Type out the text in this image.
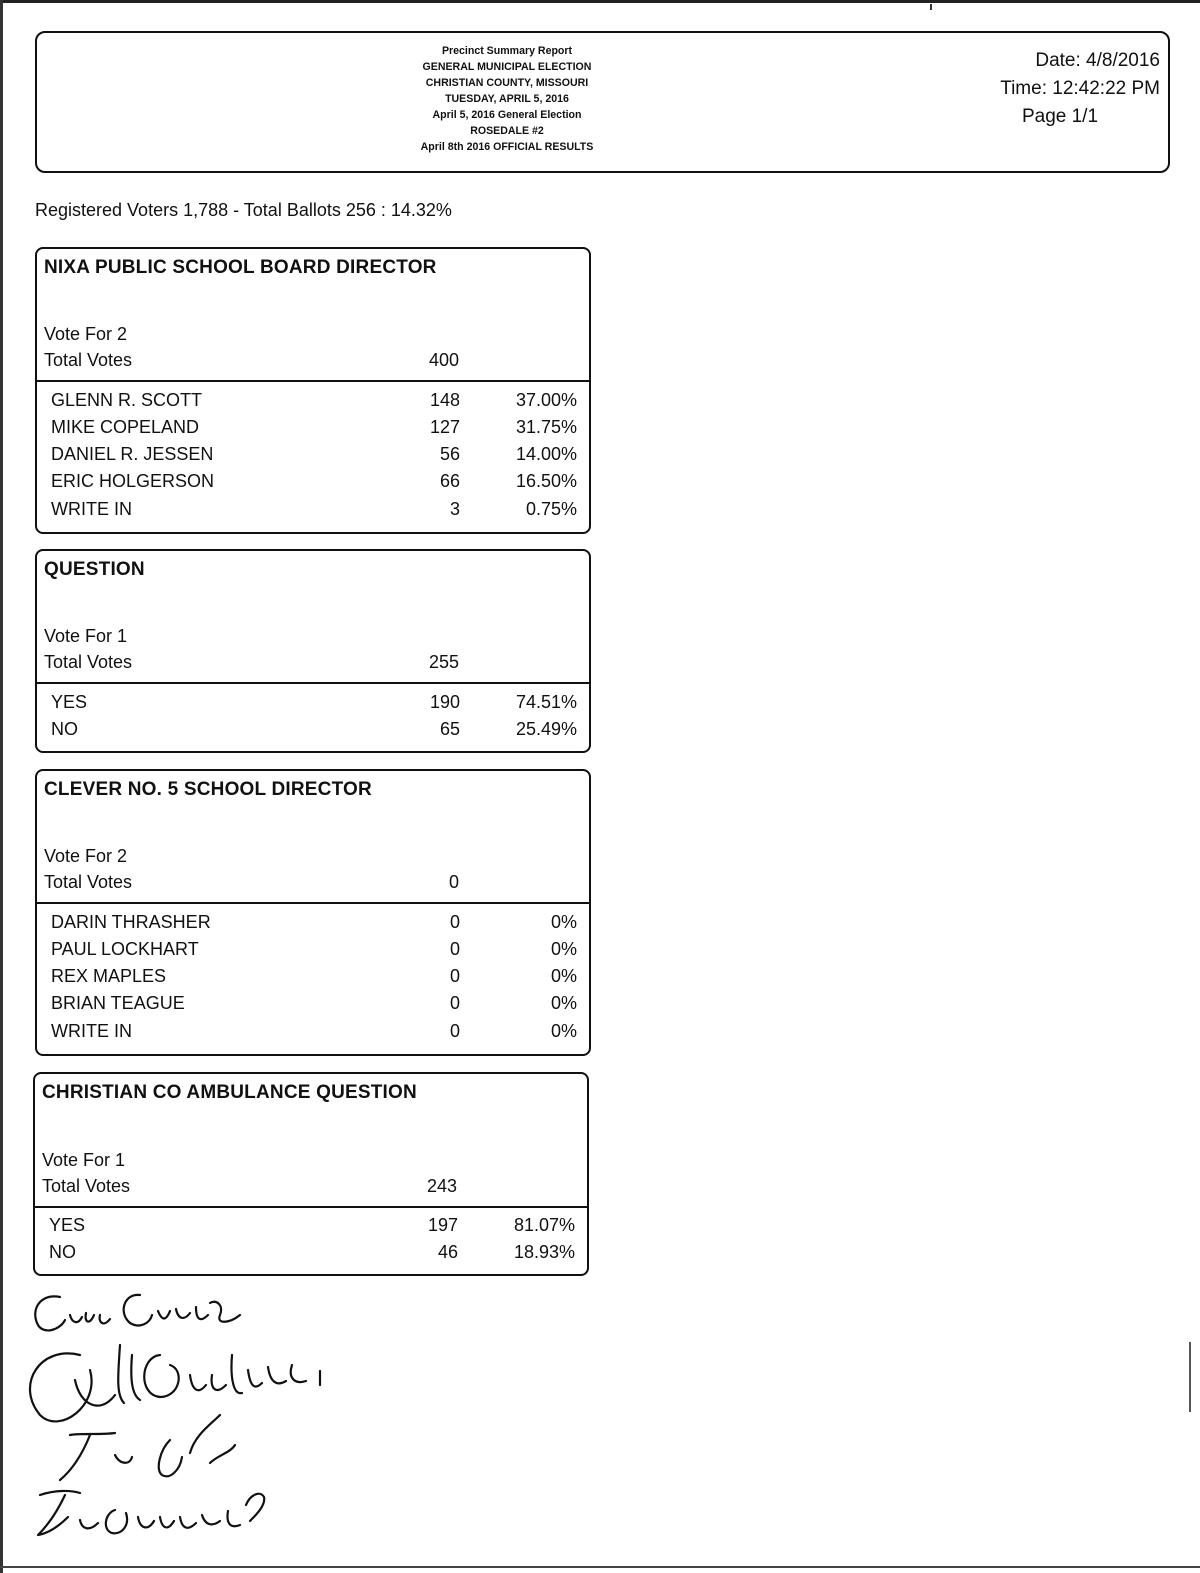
Precinct Summary Report
GENERAL MUNICIPAL ELECTION
CHRISTIAN COUNTY, MISSOURI
TUESDAY, APRIL 5, 2016
April 5, 2016 General Election
ROSEDALE #2
April 8th 2016 OFFICIAL RESULTS
Date: 4/8/2016
Time: 12:42:22 PM
Page 1/1
Registered Voters 1,788 - Total Ballots 256 : 14.32%
NIXA PUBLIC SCHOOL BOARD DIRECTOR
Vote For 2
Total Votes	400
GLENN R. SCOTT	148	37.00%
MIKE COPELAND	127	31.75%
DANIEL R. JESSEN	56	14.00%
ERIC HOLGERSON	66	16.50%
WRITE IN	3	0.75%
QUESTION
Vote For 1
Total Votes	255
YES	190	74.51%
NO	65	25.49%
CLEVER NO. 5 SCHOOL DIRECTOR
Vote For 2
Total Votes	0
DARIN THRASHER	0	0%
PAUL LOCKHART	0	0%
REX MAPLES	0	0%
BRIAN TEAGUE	0	0%
WRITE IN	0	0%
CHRISTIAN CO AMBULANCE QUESTION
Vote For 1
Total Votes	243
YES	197	81.07%
NO	46	18.93%
